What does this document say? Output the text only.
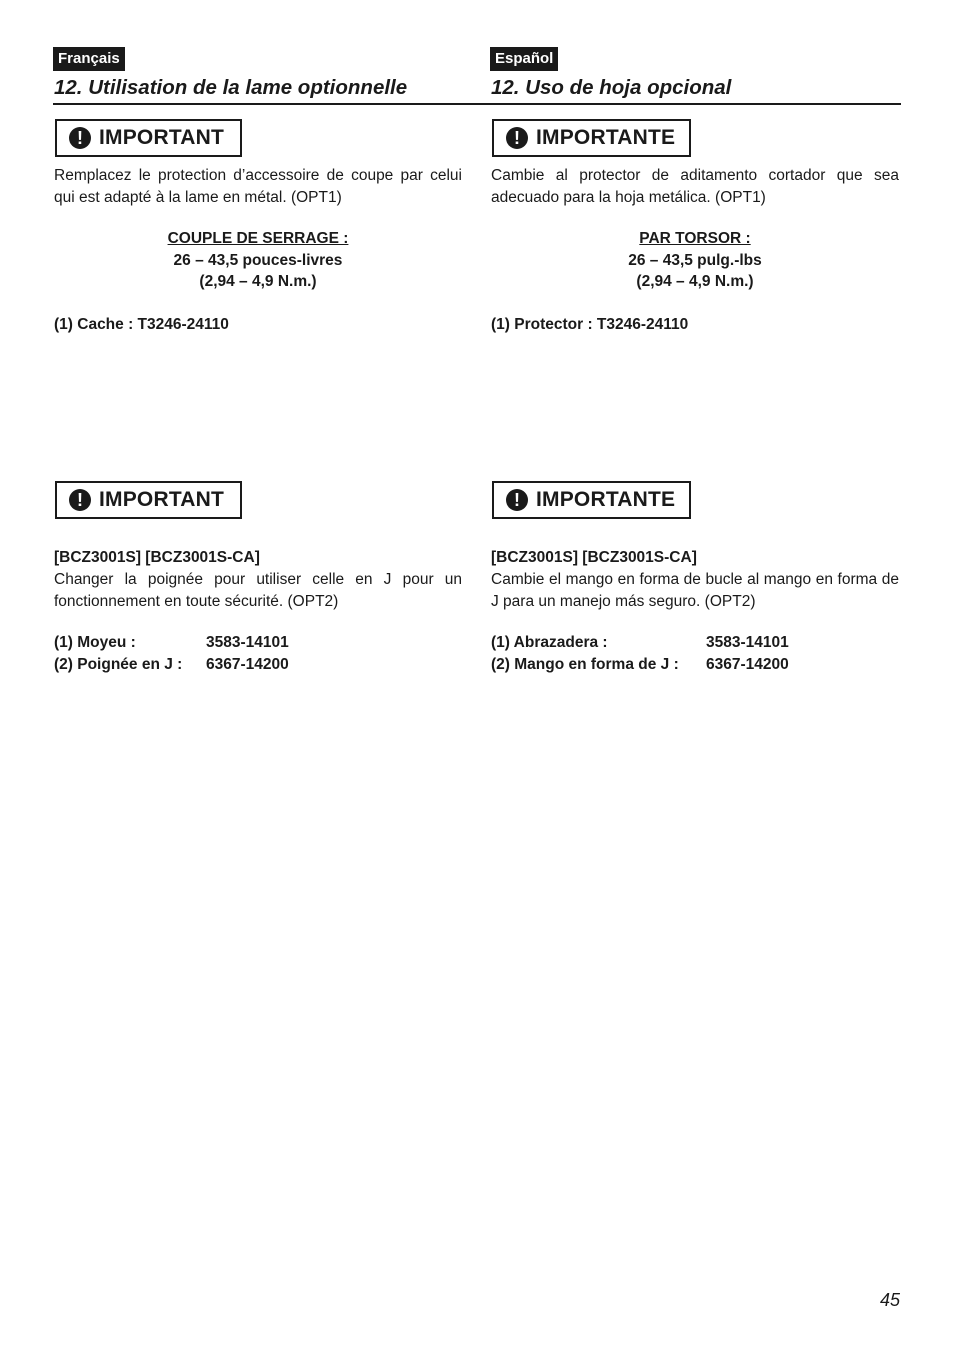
Français
12. Utilisation de la lame optionnelle
! IMPORTANT
Remplacez le protection d’accessoire de coupe par celui qui est adapté à la lame en métal. (OPT1)
COUPLE DE SERRAGE :
26 – 43,5 pouces-livres
(2,94 – 4,9 N.m.)
(1) Cache : T3246-24110
! IMPORTANT
[BCZ3001S] [BCZ3001S-CA]
Changer la poignée pour utiliser celle en J pour un fonctionnement en toute sécurité. (OPT2)
(1) Moyeu :	3583-14101
(2) Poignée en J : 6367-14200
Español
12. Uso de hoja opcional
! IMPORTANTE
Cambie al protector de aditamento cortador que sea adecuado para la hoja metálica. (OPT1)
PAR TORSOR :
26 – 43,5 pulg.-lbs
(2,94 – 4,9 N.m.)
(1) Protector : T3246-24110
! IMPORTANTE
[BCZ3001S] [BCZ3001S-CA]
Cambie el mango en forma de bucle al mango en forma de J para un manejo más seguro. (OPT2)
(1) Abrazadera :	3583-14101
(2) Mango en forma de J : 6367-14200
45
